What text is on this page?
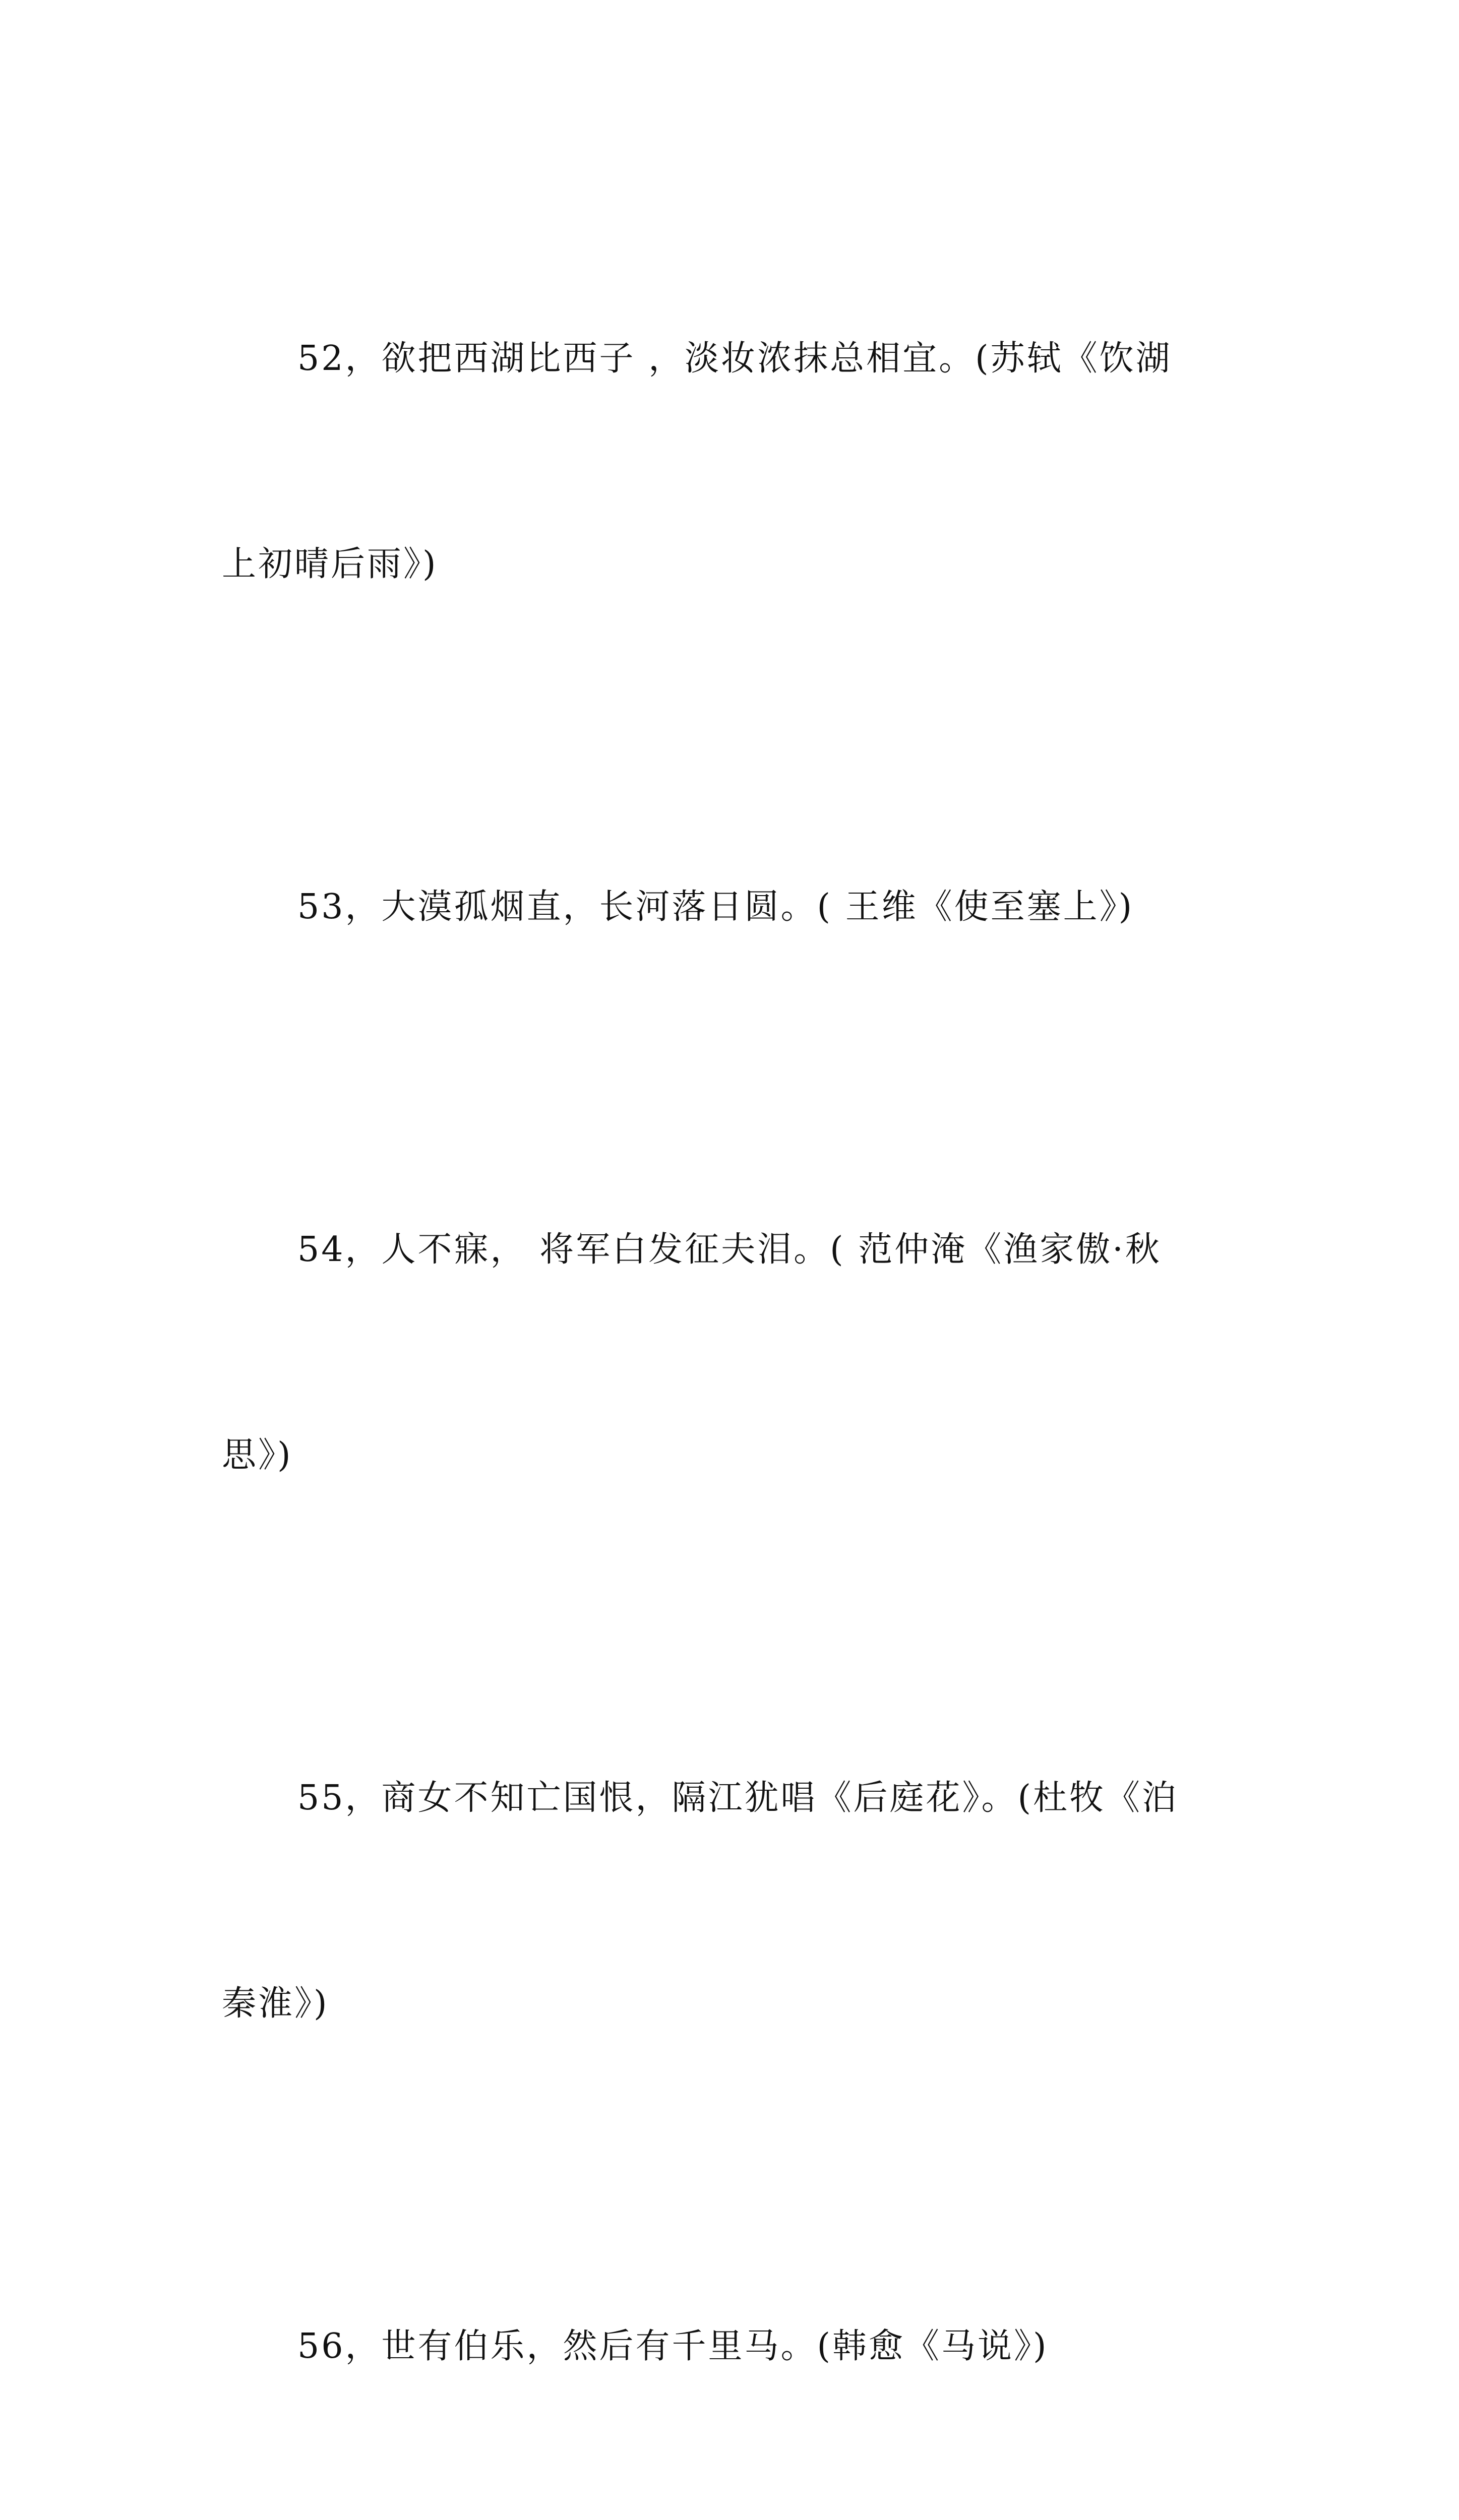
52，欲把西湖比西子 ，淡妆浓抹总相宜。(苏轼《饮湖

上初晴后雨》)

53，大漠孤烟直，长河落日圆。( 王维《使至塞上》)

54，人不寐， 将军白发征夫泪。( 范仲淹《渔家傲·秋

思》)

55，商女不知亡国恨，隔江犹唱《后庭花》。(杜牧《泊

秦淮》)

56，世有伯乐，然后有千里马。(韩愈《马说》)
